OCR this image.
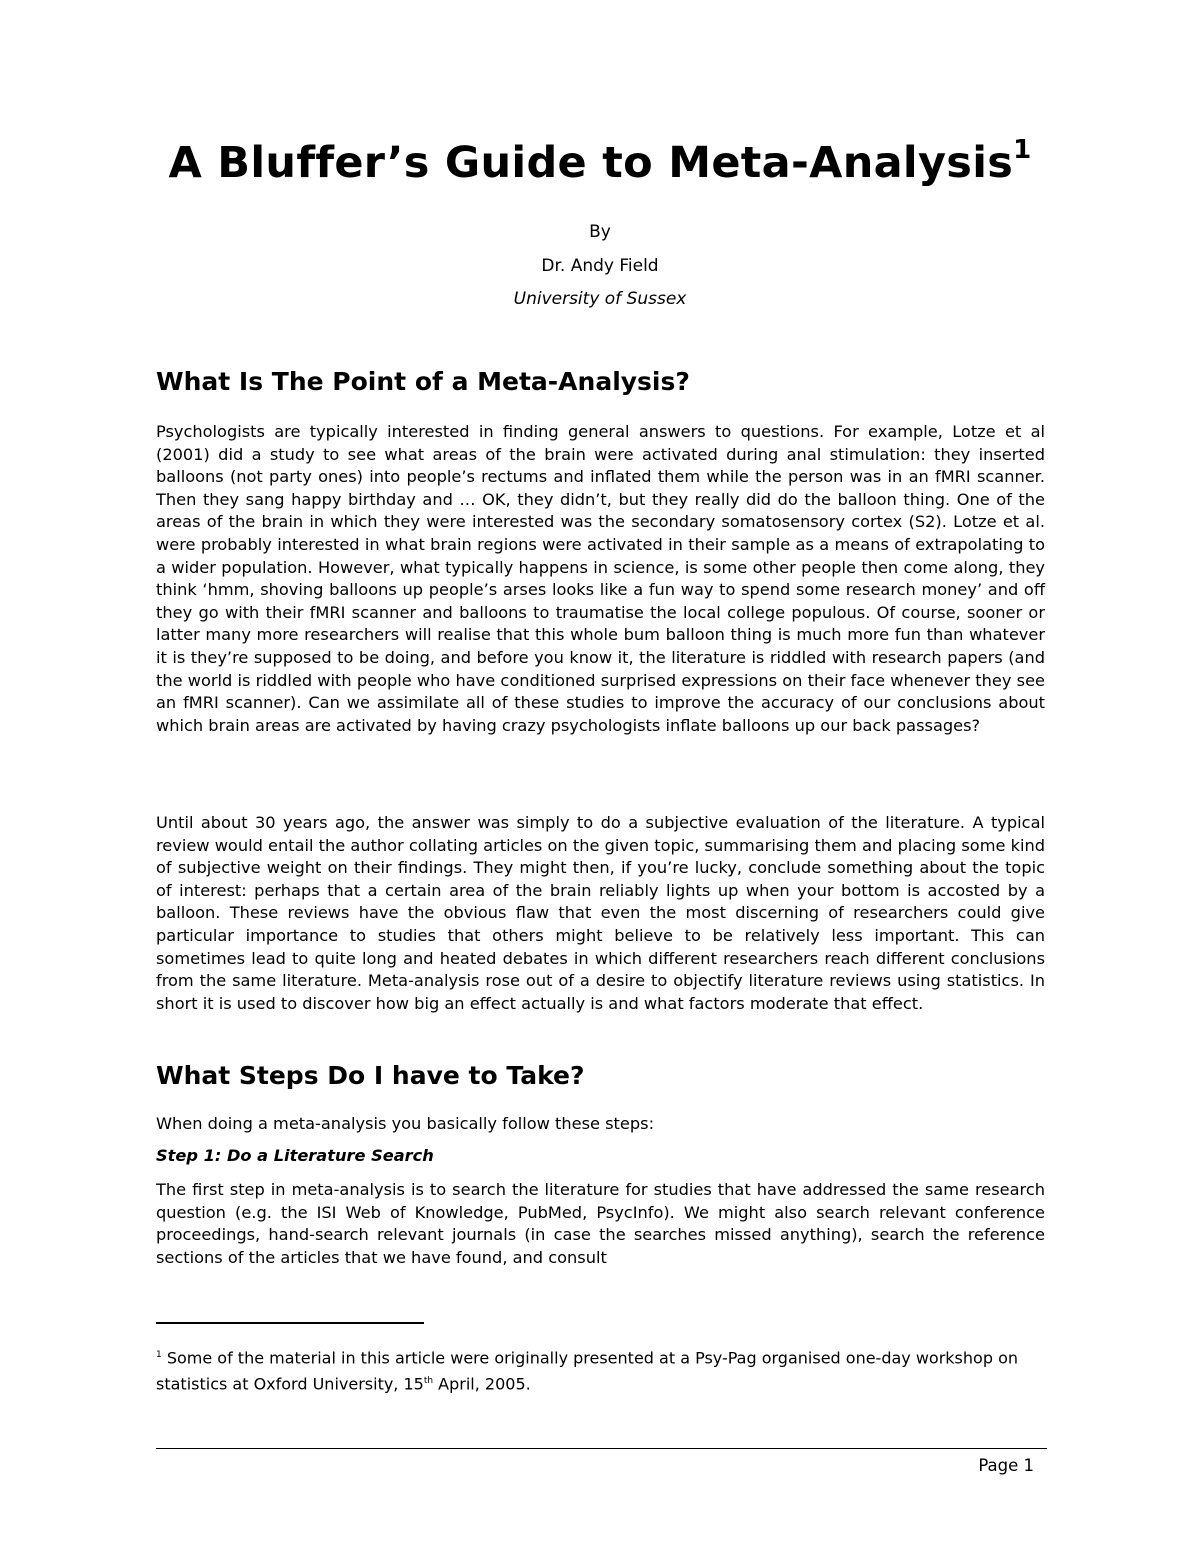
A Bluffer’s Guide to Meta-Analysis$^1$

By

Dr. Andy Field

University of Sussex

What Is The Point of a Meta-Analysis?

Psychologists are typically interested in finding general answers to questions. For example, Lotze et al (2001) did a study to see what areas of the brain were activated during anal stimulation: they inserted balloons (not party ones) into people’s rectums and inflated them while the person was in an fMRI scanner. Then they sang happy birthday and … OK, they didn’t, but they really did do the balloon thing. One of the areas of the brain in which they were interested was the secondary somatosensory cortex (S2). Lotze et al. were probably interested in what brain regions were activated in their sample as a means of extrapolating to a wider population. However, what typically happens in science, is some other people then come along, they think ‘hmm, shoving balloons up people’s arses looks like a fun way to spend some research money’ and off they go with their fMRI scanner and balloons to traumatise the local college populous. Of course, sooner or latter many more researchers will realise that this whole bum balloon thing is much more fun than whatever it is they’re supposed to be doing, and before you know it, the literature is riddled with research papers (and the world is riddled with people who have conditioned surprised expressions on their face whenever they see an fMRI scanner). Can we assimilate all of these studies to improve the accuracy of our conclusions about which brain areas are activated by having crazy psychologists inflate balloons up our back passages?

Until about 30 years ago, the answer was simply to do a subjective evaluation of the literature. A typical review would entail the author collating articles on the given topic, summarising them and placing some kind of subjective weight on their findings. They might then, if you’re lucky, conclude something about the topic of interest: perhaps that a certain area of the brain reliably lights up when your bottom is accosted by a balloon. These reviews have the obvious flaw that even the most discerning of researchers could give particular importance to studies that others might believe to be relatively less important. This can sometimes lead to quite long and heated debates in which different researchers reach different conclusions from the same literature. Meta-analysis rose out of a desire to objectify literature reviews using statistics. In short it is used to discover how big an effect actually is and what factors moderate that effect.

What Steps Do I have to Take?

When doing a meta-analysis you basically follow these steps:

Step 1: Do a Literature Search

The first step in meta-analysis is to search the literature for studies that have addressed the same research question (e.g. the ISI Web of Knowledge, PubMed, PsycInfo). We might also search relevant conference proceedings, hand-search relevant journals (in case the searches missed anything), search the reference sections of the articles that we have found, and consult

$^1$ Some of the material in this article were originally presented at a Psy-Pag organised one-day workshop on statistics at Oxford University, 15th April, 2005.

Page 1
